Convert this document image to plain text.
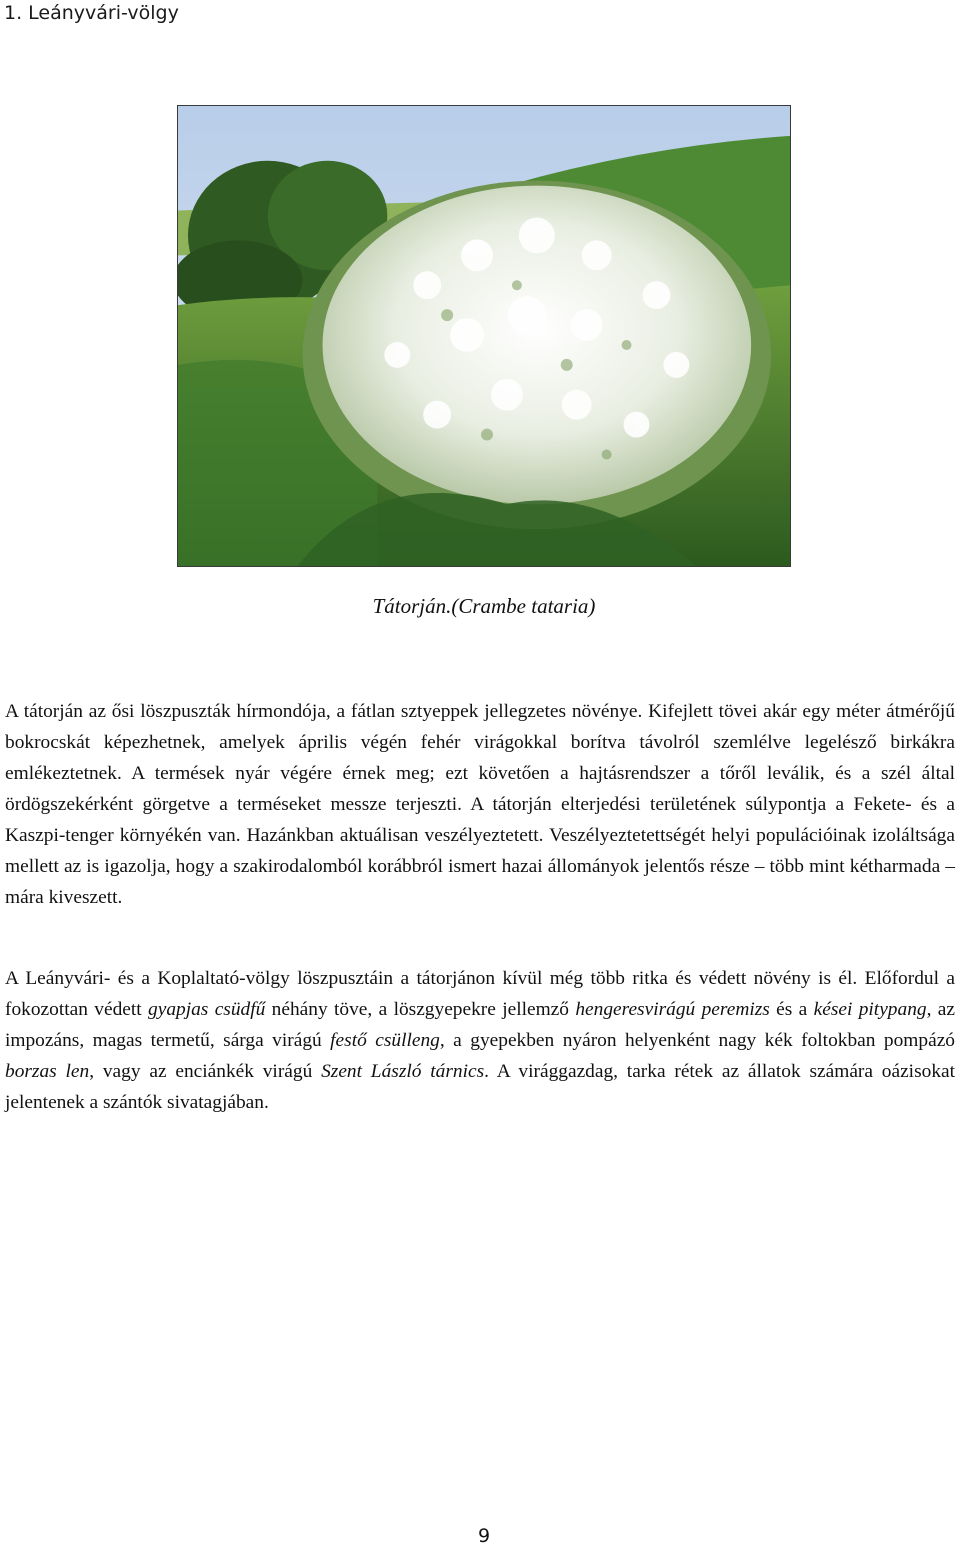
1. Leányvári-völgy
Tátorján.(Crambe tataria)

A tátorján az ősi löszpuszták hírmondója, a fátlan sztyeppek jellegzetes növénye. Kifejlett tövei akár egy méter átmérőjű bokrocskát képezhetnek, amelyek április végén fehér virágokkal borítva távolról szemlélve legelésző birkákra emlékeztetnek. A termések nyár végére érnek meg; ezt követően a hajtásrendszer a tőről leválik, és a szél által ördögszekérként görgetve a terméseket messze terjeszti. A tátorján elterjedési területének súlypontja a Fekete- és a Kaszpi-tenger környékén van. Hazánkban aktuálisan veszélyeztetett. Veszélyeztetettségét helyi populációinak izoláltsága mellett az is igazolja, hogy a szakirodalomból korábbról ismert hazai állományok jelentős része – több mint kétharmada – mára kiveszett.

A Leányvári- és a Koplaltató-völgy löszpusztáin a tátorjánon kívül még több ritka és védett növény is él. Előfordul a fokozottan védett gyapjas csüdfű néhány töve, a löszgyepekre jellemző hengeresvirágú peremizs és a kései pitypang, az impozáns, magas termetű, sárga virágú festő csülleng, a gyepekben nyáron helyenként nagy kék foltokban pompázó borzas len, vagy az enciánkék virágú Szent László tárnics. A virággazdag, tarka rétek az állatok számára oázisokat jelentenek a szántók sivatagjában.

9
